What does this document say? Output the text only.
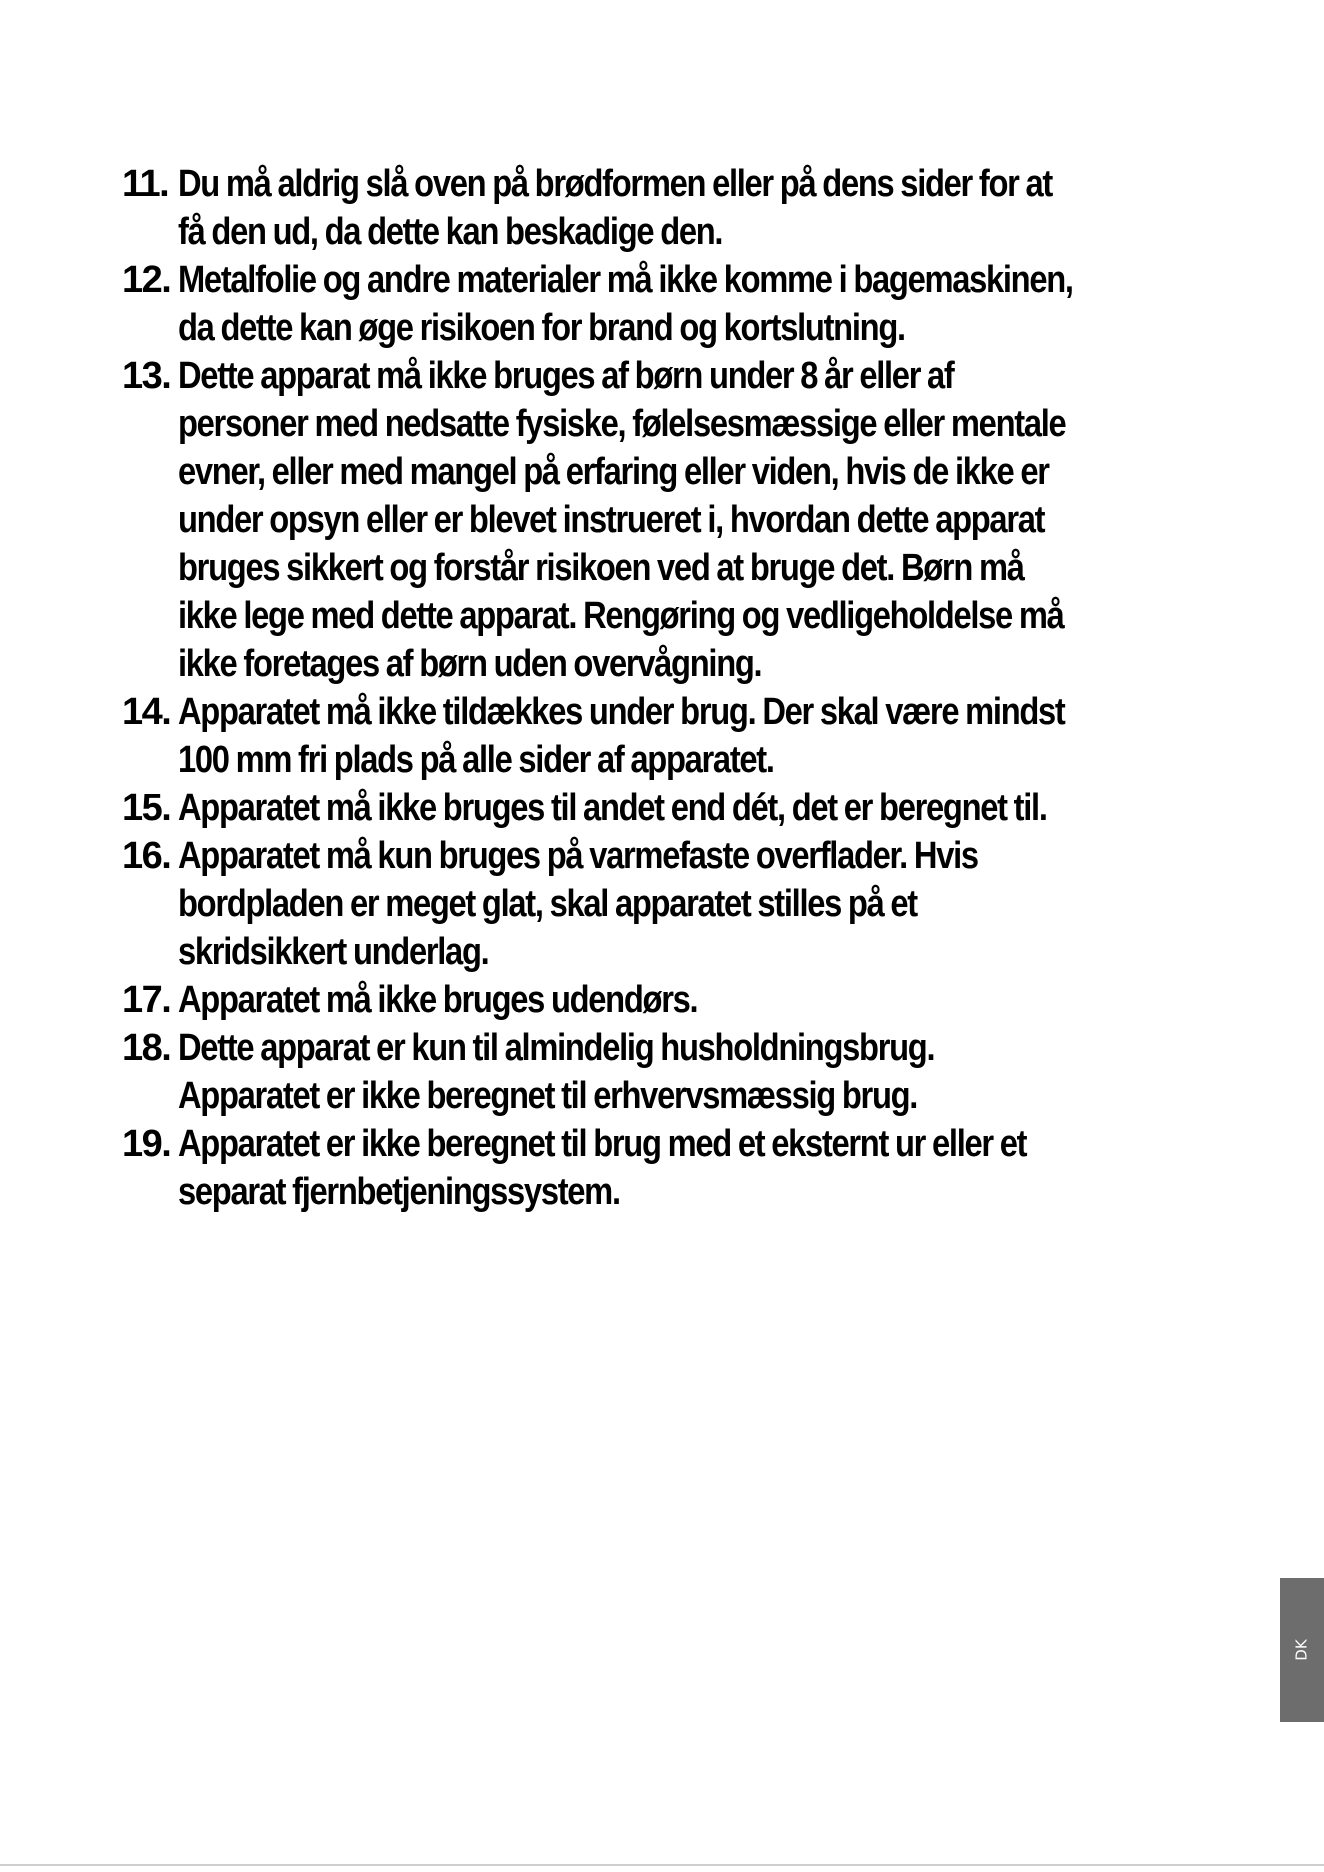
11. Du må aldrig slå oven på brødformen eller på dens sider for at få den ud, da dette kan beskadige den.
12. Metalfolie og andre materialer må ikke komme i bagemaskinen, da dette kan øge risikoen for brand og kortslutning.
13. Dette apparat må ikke bruges af børn under 8 år eller af personer med nedsatte fysiske, følelsesmæssige eller mentale evner, eller med mangel på erfaring eller viden, hvis de ikke er under opsyn eller er blevet instrueret i, hvordan dette apparat bruges sikkert og forstår risikoen ved at bruge det. Børn må ikke lege med dette apparat. Rengøring og vedligeholdelse må ikke foretages af børn uden overvågning.
14. Apparatet må ikke tildækkes under brug. Der skal være mindst 100 mm fri plads på alle sider af apparatet.
15. Apparatet må ikke bruges til andet end dét, det er beregnet til.
16. Apparatet må kun bruges på varmefaste overflader. Hvis bordpladen er meget glat, skal apparatet stilles på et skridsikkert underlag.
17. Apparatet må ikke bruges udendørs.
18. Dette apparat er kun til almindelig husholdningsbrug. Apparatet er ikke beregnet til erhvervsmæssig brug.
19. Apparatet er ikke beregnet til brug med et eksternt ur eller et separat fjernbetjeningssystem.
DK
